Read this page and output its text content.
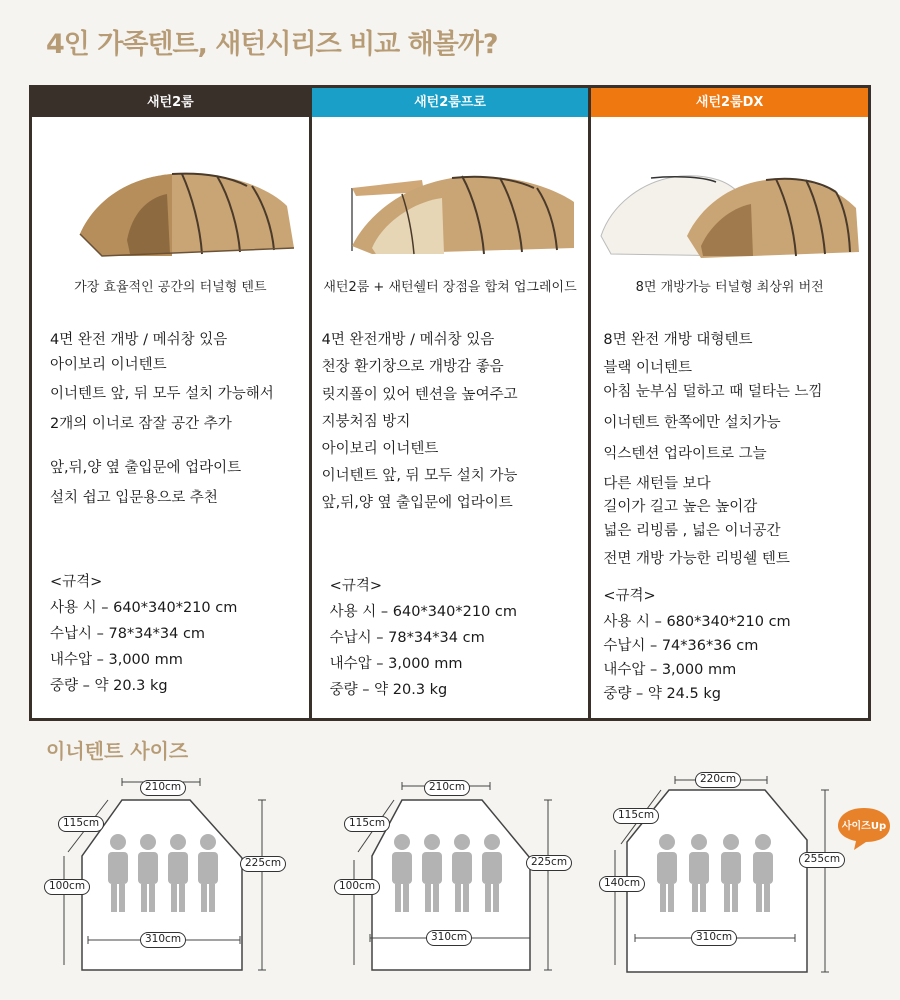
4인 가족텐트, 새턴시리즈 비교 해볼까?
새턴2룸
가장 효율적인 공간의 터널형 텐트
4면 완전 개방 / 메쉬창 있음
아이보리 이너텐트
이너텐트 앞, 뒤 모두 설치 가능해서
2개의 이너로 잠잘 공간 추가
앞,뒤,양 옆 출입문에 업라이트
설치 쉽고 입문용으로 추천
<규격>
사용 시 – 640*340*210 cm
수납시 – 78*34*34 cm
내수압 – 3,000 mm
중량 – 약 20.3 kg
새턴2룸프로
새턴2룸 + 새턴쉘터 장점을 합쳐 업그레이드
4면 완전개방 / 메쉬창 있음
천장 환기창으로 개방감 좋음
릿지폴이 있어 텐션을 높여주고
지붕처짐 방지
아이보리 이너텐트
이너텐트 앞, 뒤 모두 설치 가능
앞,뒤,양 옆 출입문에 업라이트
<규격>
사용 시 – 640*340*210 cm
수납시 – 78*34*34 cm
내수압 – 3,000 mm
중량 – 약 20.3 kg
새턴2룸DX
8면 개방가능 터널형 최상위 버전
8면 완전 개방 대형텐트
블랙 이너텐트
아침 눈부심 덜하고 때 덜타는 느낌
이너텐트 한쪽에만 설치가능
익스텐션 업라이트로 그늘
다른 새턴들 보다
길이가 길고 높은 높이감
넓은 리빙룸 , 넓은 이너공간
전면 개방 가능한 리빙쉘 텐트
<규격>
사용 시 – 680*340*210 cm
수납시 – 74*36*36 cm
내수압 – 3,000 mm
중량 – 약 24.5 kg
이너텐트 사이즈
210cm
115cm
100cm
225cm
310cm
210cm
115cm
100cm
225cm
310cm
220cm
115cm
140cm
255cm
310cm
사이즈Up
